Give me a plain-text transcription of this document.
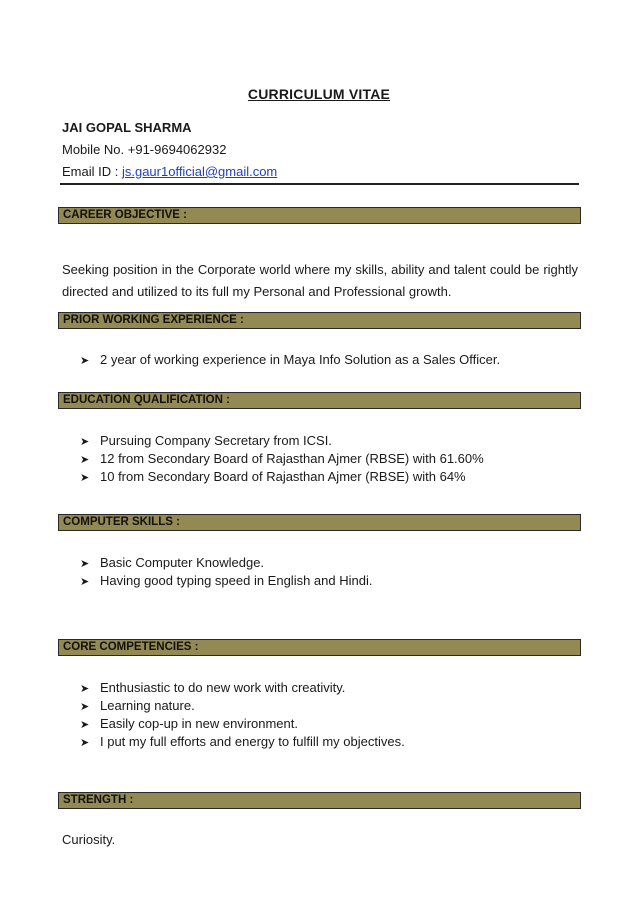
CURRICULUM VITAE
JAI GOPAL SHARMA
Mobile No. +91-9694062932
Email ID : js.gaur1official@gmail.com
CAREER OBJECTIVE :
Seeking position in the Corporate world where my skills, ability and talent could be rightly directed and utilized to its full my Personal and Professional growth.
PRIOR WORKING EXPERIENCE :
➤ 2 year of working experience in Maya Info Solution as a Sales Officer.
EDUCATION QUALIFICATION :
➤ Pursuing Company Secretary from ICSI.
➤ 12 from Secondary Board of Rajasthan Ajmer (RBSE) with 61.60%
➤ 10 from Secondary Board of Rajasthan Ajmer (RBSE) with 64%
COMPUTER SKILLS :
➤ Basic Computer Knowledge.
➤ Having good typing speed in English and Hindi.
CORE COMPETENCIES :
➤ Enthusiastic to do new work with creativity.
➤ Learning nature.
➤ Easily cop-up in new environment.
➤ I put my full efforts and energy to fulfill my objectives.
STRENGTH :
Curiosity.
